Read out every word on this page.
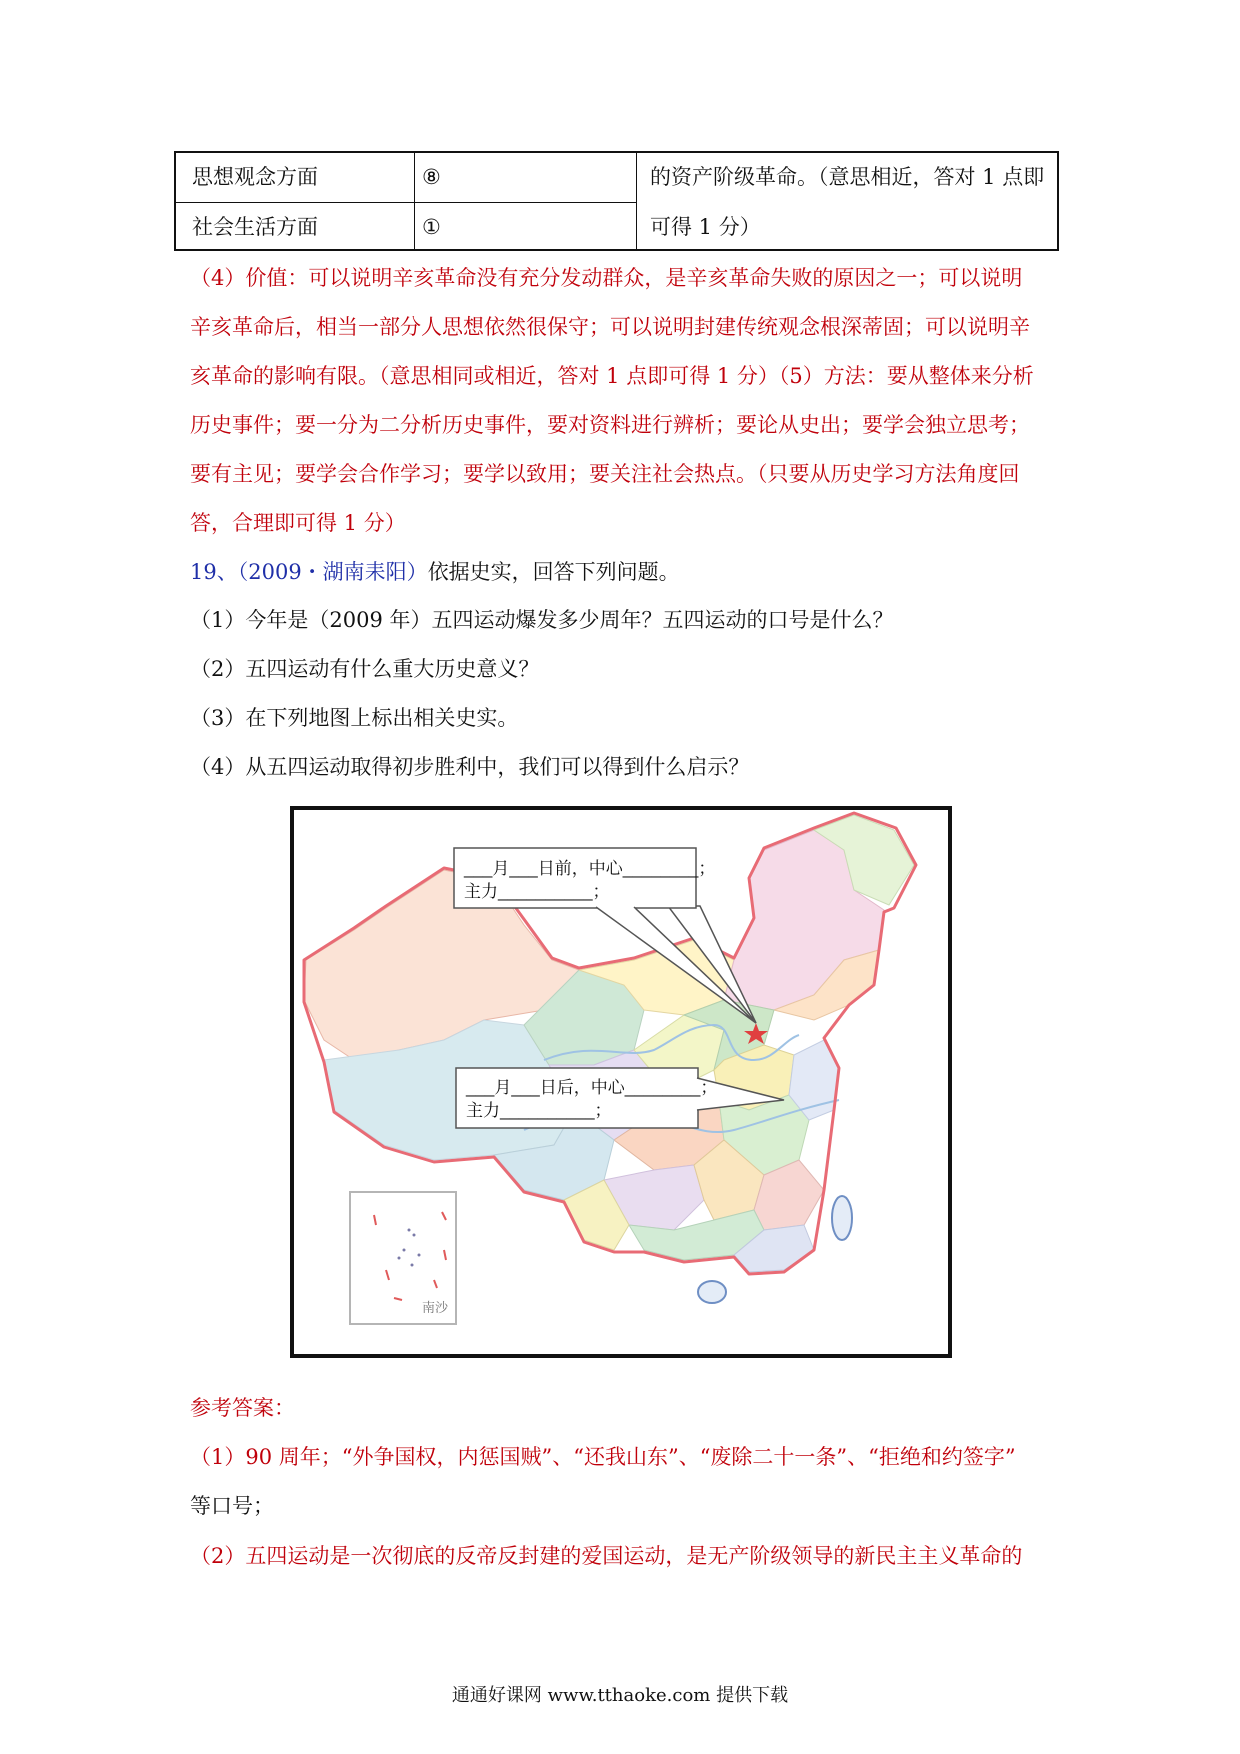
思想观念方面	⑧
社会生活方面	①
的资产阶级革命。（意思相近，答对 1 点即
可得 1 分）
（4）价值：可以说明辛亥革命没有充分发动群众，是辛亥革命失败的原因之一；可以说明
辛亥革命后，相当一部分人思想依然很保守；可以说明封建传统观念根深蒂固；可以说明辛
亥革命的影响有限。（意思相同或相近，答对 1 点即可得 1 分）（5）方法：要从整体来分析
历史事件；要一分为二分析历史事件，要对资料进行辨析；要论从史出；要学会独立思考；
要有主见；要学会合作学习；要学以致用；要关注社会热点。（只要从历史学习方法角度回
答，合理即可得 1 分）
19、（2009・湖南耒阳）依据史实，回答下列问题。
（1）今年是（2009 年）五四运动爆发多少周年？五四运动的口号是什么？
（2）五四运动有什么重大历史意义？
（3）在下列地图上标出相关史实。
（4）从五四运动取得初步胜利中，我们可以得到什么启示？
南沙
___月___日前，中心________；
主力__________；
___月___日后，中心________；
主力__________；
参考答案：
（1）90 周年；“外争国权，内惩国贼”、“还我山东”、“废除二十一条”、“拒绝和约签字”
等口号；
（2）五四运动是一次彻底的反帝反封建的爱国运动，是无产阶级领导的新民主主义革命的
通通好课网 www.tthaoke.com 提供下载
